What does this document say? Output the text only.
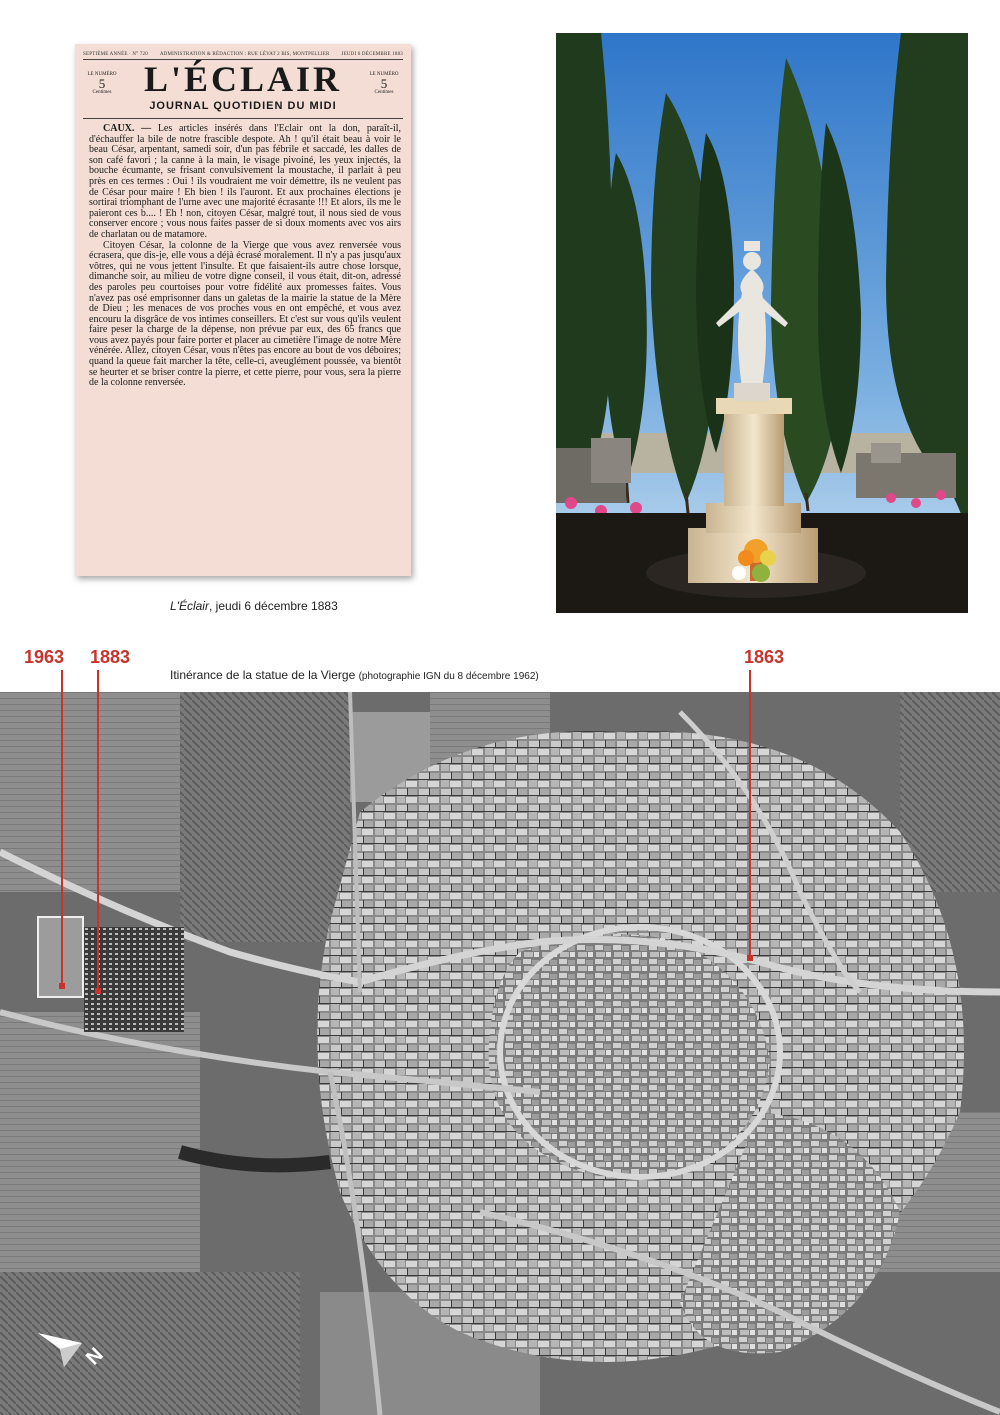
SEPTIÈME ANNÉE · N° 720 ADMINISTRATION & RÉDACTION : RUE LÉVAT 2 BIS, MONTPELLIER JEUDI 6 DÉCEMBRE 1883
LE NUMÉRO
5
Centimes
LE NUMÉRO
5
Centimes
L'ÉCLAIR
JOURNAL QUOTIDIEN DU MIDI

CAUX. — Les articles insérés dans l'Eclair ont la don, paraît-il, d'échauffer la bile de notre frascible despote. Ah ! qu'il était beau à voir le beau César, arpentant, samedi soir, d'un pas fébrile et saccadé, les dalles de son café favori ; la canne à la main, le visage pivoiné, les yeux injectés, la bouche écumante, se frisant convulsivement la moustache, il parlait à peu près en ces termes : Oui ! ils voudraient me voir démettre, ils ne veulent pas de César pour maire ! Eh bien ! ils l'auront. Et aux prochaines élections je sortirai triomphant de l'urne avec une majorité écrasante !!! Et alors, ils me le paieront ces b.... ! Eh ! non, citoyen César, malgré tout, il nous sied de vous conserver encore ; vous nous faites passer de si doux moments avec vos airs de charlatan ou de matamore.

Citoyen César, la colonne de la Vierge que vous avez renversée vous écrasera, que dis-je, elle vous a déjà écrasé moralement. Il n'y a pas jusqu'aux vôtres, qui ne vous jettent l'insulte. Et que faisaient-ils autre chose lorsque, dimanche soir, au milieu de votre digne conseil, il vous était, dit-on, adressé des paroles peu courtoises pour votre fidélité aux promesses faites. Vous n'avez pas osé emprisonner dans un galetas de la mairie la statue de la Mère de Dieu ; les menaces de vos proches vous en ont empêché, et vous avez encouru la disgrâce de vos intimes conseillers. Et c'est sur vous qu'ils veulent faire peser la charge de la dépense, non prévue par eux, des 65 francs que vous avez payés pour faire porter et placer au cimetière l'image de notre Mère vénérée. Allez, citoyen César, vous n'êtes pas encore au bout de vos déboires; quand la queue fait marcher la tête, celle-ci, aveuglément poussée, va bientôt se heurter et se briser contre la pierre, et cette pierre, pour vous, sera la pierre de la colonne renversée.

L'Éclair, jeudi 6 décembre 1883
1963 1883	1863
Itinérance de la statue de la Vierge (photographie IGN du 8 décembre 1962)
N
